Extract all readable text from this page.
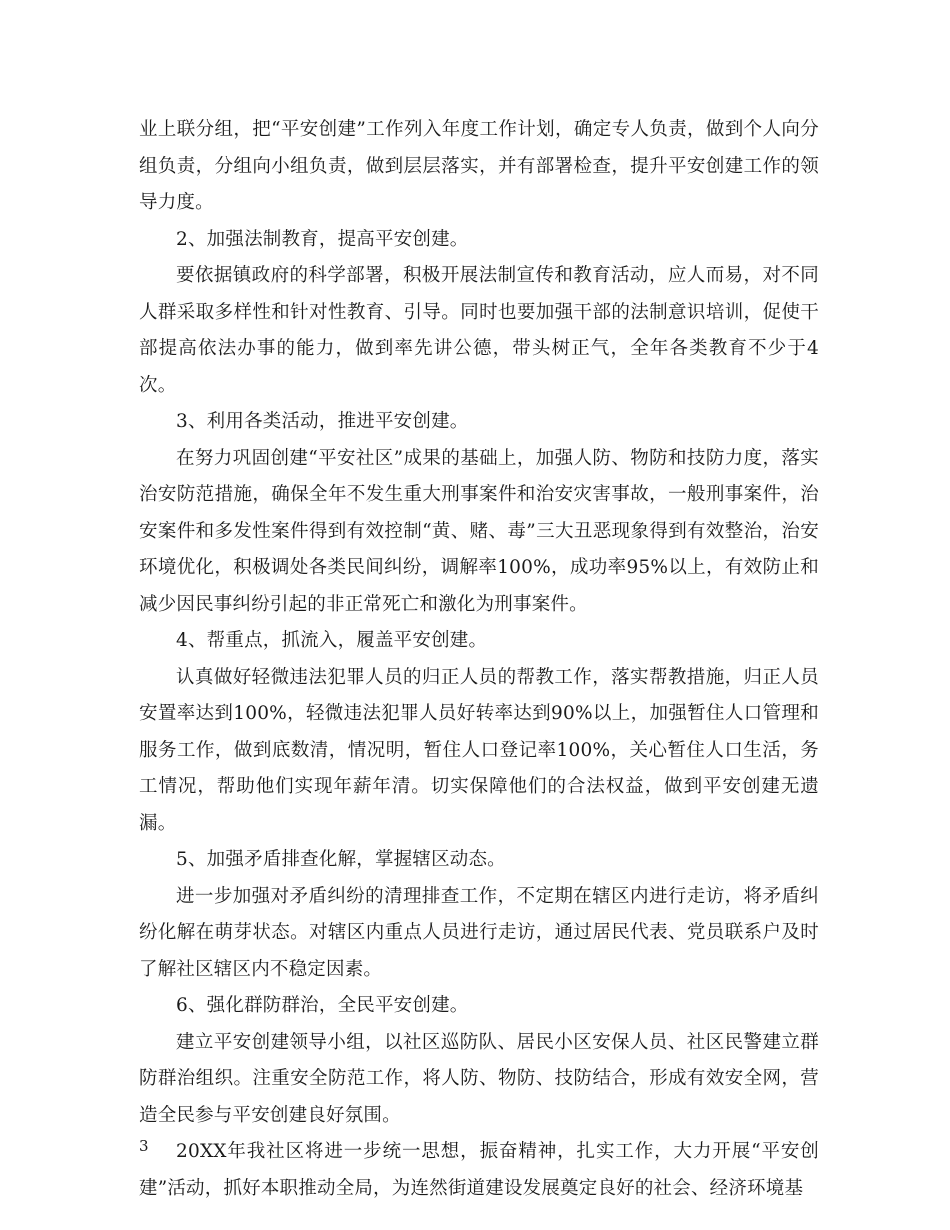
业上联分组，把“平安创建”工作列入年度工作计划，确定专人负责，做到个人向分组负责，分组向小组负责，做到层层落实，并有部署检查，提升平安创建工作的领导力度。

2、加强法制教育，提高平安创建。

要依据镇政府的科学部署，积极开展法制宣传和教育活动，应人而易，对不同人群采取多样性和针对性教育、引导。同时也要加强干部的法制意识培训，促使干部提高依法办事的能力，做到率先讲公德，带头树正气，全年各类教育不少于4次。

3、利用各类活动，推进平安创建。

在努力巩固创建“平安社区”成果的基础上，加强人防、物防和技防力度，落实治安防范措施，确保全年不发生重大刑事案件和治安灾害事故，一般刑事案件，治安案件和多发性案件得到有效控制“黄、赌、毒”三大丑恶现象得到有效整治，治安环境优化，积极调处各类民间纠纷，调解率100%，成功率95%以上，有效防止和减少因民事纠纷引起的非正常死亡和激化为刑事案件。

4、帮重点，抓流入，履盖平安创建。

认真做好轻微违法犯罪人员的归正人员的帮教工作，落实帮教措施，归正人员安置率达到100%，轻微违法犯罪人员好转率达到90%以上，加强暂住人口管理和服务工作，做到底数清，情况明，暂住人口登记率100%，关心暂住人口生活，务工情况，帮助他们实现年薪年清。切实保障他们的合法权益，做到平安创建无遗漏。

5、加强矛盾排查化解，掌握辖区动态。

进一步加强对矛盾纠纷的清理排查工作，不定期在辖区内进行走访，将矛盾纠纷化解在萌芽状态。对辖区内重点人员进行走访，通过居民代表、党员联系户及时了解社区辖区内不稳定因素。

6、强化群防群治，全民平安创建。

建立平安创建领导小组，以社区巡防队、居民小区安保人员、社区民警建立群防群治组织。注重安全防范工作，将人防、物防、技防结合，形成有效安全网，营造全民参与平安创建良好氛围。

20XX年我社区将进一步统一思想，振奋精神，扎实工作，大力开展“平安创建”活动，抓好本职推动全局，为连然街道建设发展奠定良好的社会、经济环境基

3
